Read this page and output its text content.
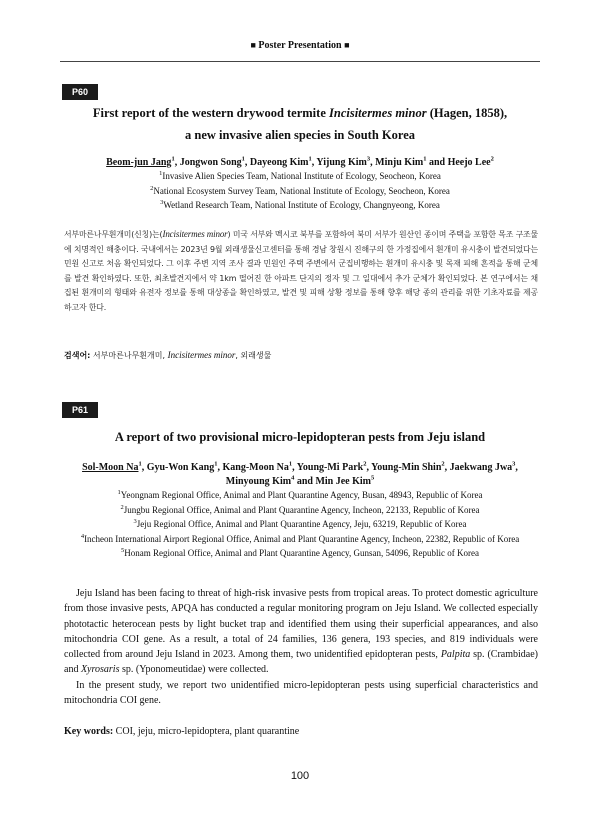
■ Poster Presentation ■
P60
First report of the western drywood termite Incisitermes minor (Hagen, 1858),
a new invasive alien species in South Korea
Beom-jun Jang$^1$, Jongwon Song$^1$, Dayeong Kim$^1$, Yijung Kim$^3$, Minju Kim$^1$ and Heejo Lee$^2$
$^1$Invasive Alien Species Team, National Institute of Ecology, Seocheon, Korea
$^2$National Ecosystem Survey Team, National Institute of Ecology, Seocheon, Korea
$^3$Wetland Research Team, National Institute of Ecology, Changnyeong, Korea
서부마른나무흰개미(신칭)는(Incisitermes minor) 미국 서부와 멕시코 북부를 포함하여 북미 서부가 원산인 종이며 주택을 포함한 목조 구조물에 치명적인 해충이다. 국내에서는 2023년 9월 외래생물신고센터를 통해 경남 창원시 진해구의 한 가정집에서 흰개미 유시충이 발견되었다는 민원 신고로 처음 확인되었다. 그 이후 주변 지역 조사 결과 민원인 주택 주변에서 군집비행하는 흰개미 유시충 및 목재 피해 흔적을 통해 군체를 발견 확인하였다. 또한, 최초발견지에서 약 1km 떨어진 한 아파트 단지의 정자 및 그 일대에서 추가 군체가 확인되었다. 본 연구에서는 채집된 흰개미의 형태와 유전자 정보를 통해 대상종을 확인하였고, 발견 및 피해 상황 정보를 통해 향후 해당 종의 관리를 위한 기초자료를 제공하고자 한다.
검색어: 서부마른나무흰개미, Incisitermes minor, 외래생물
P61
A report of two provisional micro-lepidopteran pests from Jeju island
Sol-Moon Na$^1$, Gyu-Won Kang$^1$, Kang-Moon Na$^1$, Young-Mi Park$^2$, Young-Min Shin$^2$, Jaekwang Jwa$^3$,
Minyoung Kim$^4$ and Min Jee Kim$^5$
$^1$Yeongnam Regional Office, Animal and Plant Quarantine Agency, Busan, 48943, Republic of Korea
$^2$Jungbu Regional Office, Animal and Plant Quarantine Agency, Incheon, 22133, Republic of Korea
$^3$Jeju Regional Office, Animal and Plant Quarantine Agency, Jeju, 63219, Republic of Korea
$^4$Incheon International Airport Regional Office, Animal and Plant Quarantine Agency, Incheon, 22382, Republic of Korea
$^5$Honam Regional Office, Animal and Plant Quarantine Agency, Gunsan, 54096, Republic of Korea

Jeju Island has been facing to threat of high-risk invasive pests from tropical areas. To protect domestic agriculture from those invasive pests, APQA has conducted a regular monitoring program on Jeju Island. We collected especially phototactic heterocean pests by light bucket trap and identified them using their superficial appearances, and also mitochondria COI gene. As a result, a total of 24 families, 136 genera, 193 species, and 819 individuals were collected from around Jeju Island in 2023. Among them, two unidentified epidopteran pests, Palpita sp. (Crambidae) and Xyrosaris sp. (Yponomeutidae) were collected.

In the present study, we report two unidentified micro-lepidopteran pests using superficial characteristics and mitochondria COI gene.

Key words: COI, jeju, micro-lepidoptera, plant quarantine
100
